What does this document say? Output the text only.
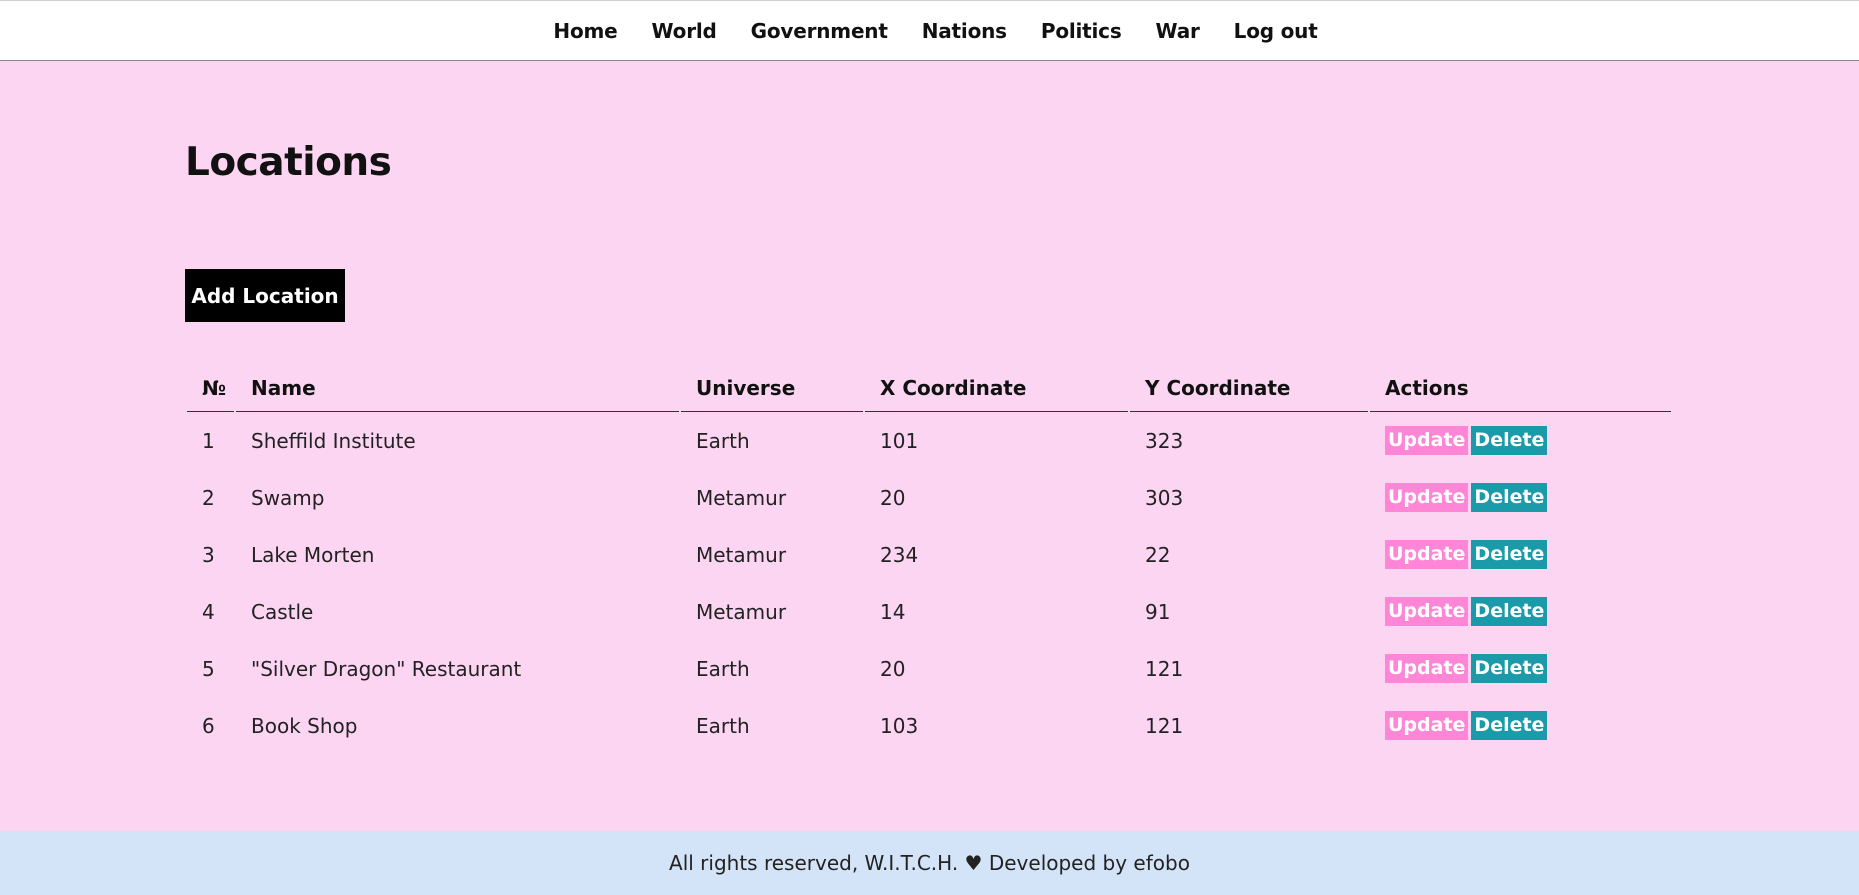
Home World Government Nations Politics War Log out
Locations
Add Location
№	Name	Universe	X Coordinate	Y Coordinate	Actions
1	Sheffild Institute	Earth	101	323	Update Delete
2	Swamp	Metamur	20	303	Update Delete
3	Lake Morten	Metamur	234	22	Update Delete
4	Castle	Metamur	14	91	Update Delete
5	"Silver Dragon" Restaurant	Earth	20	121	Update Delete
6	Book Shop	Earth	103	121	Update Delete
All rights reserved, W.I.T.C.H. ♥ Developed by efobo
